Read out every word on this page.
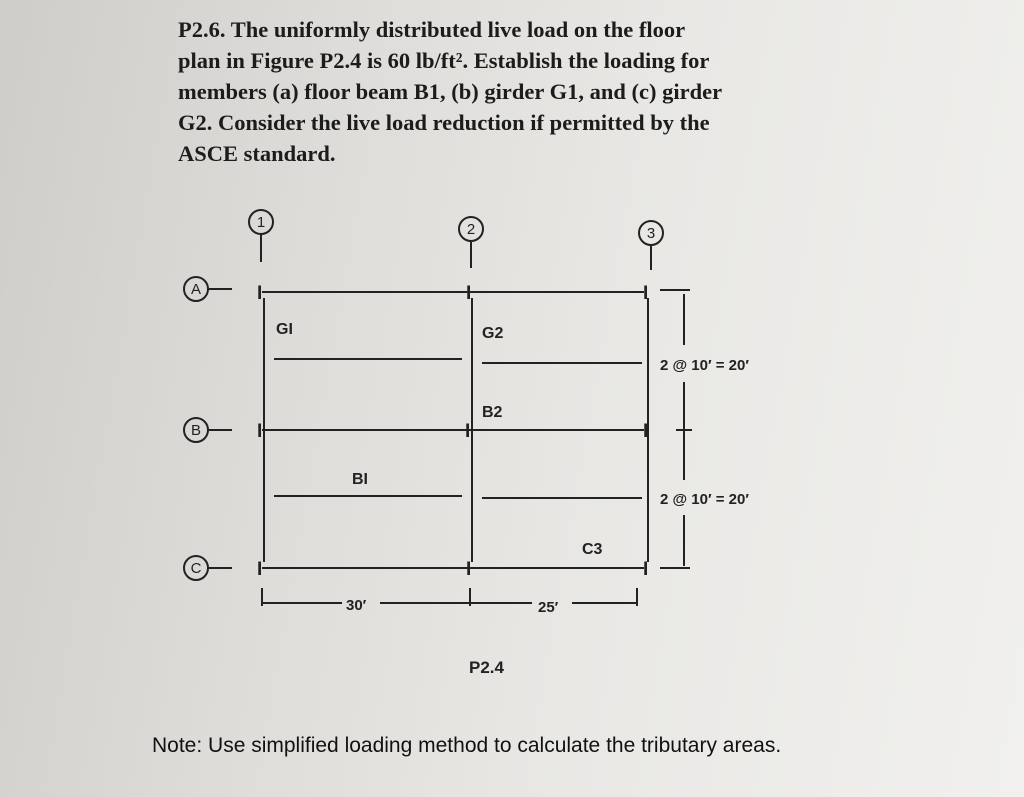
P2.6. The uniformly distributed live load on the floor
plan in Figure P2.4 is 60 lb/ft². Establish the loading for
members (a) floor beam B1, (b) girder G1, and (c) girder
G2. Consider the live load reduction if permitted by the
ASCE standard.
I	I	I
I	I	I
I	I	I
1	2	3
A
B
C
GI	G2
B2
BI
C3
2 @ 10′ = 20′
2 @ 10′ = 20′
30′	25′
P2.4
Note: Use simplified loading method to calculate the tributary areas.
